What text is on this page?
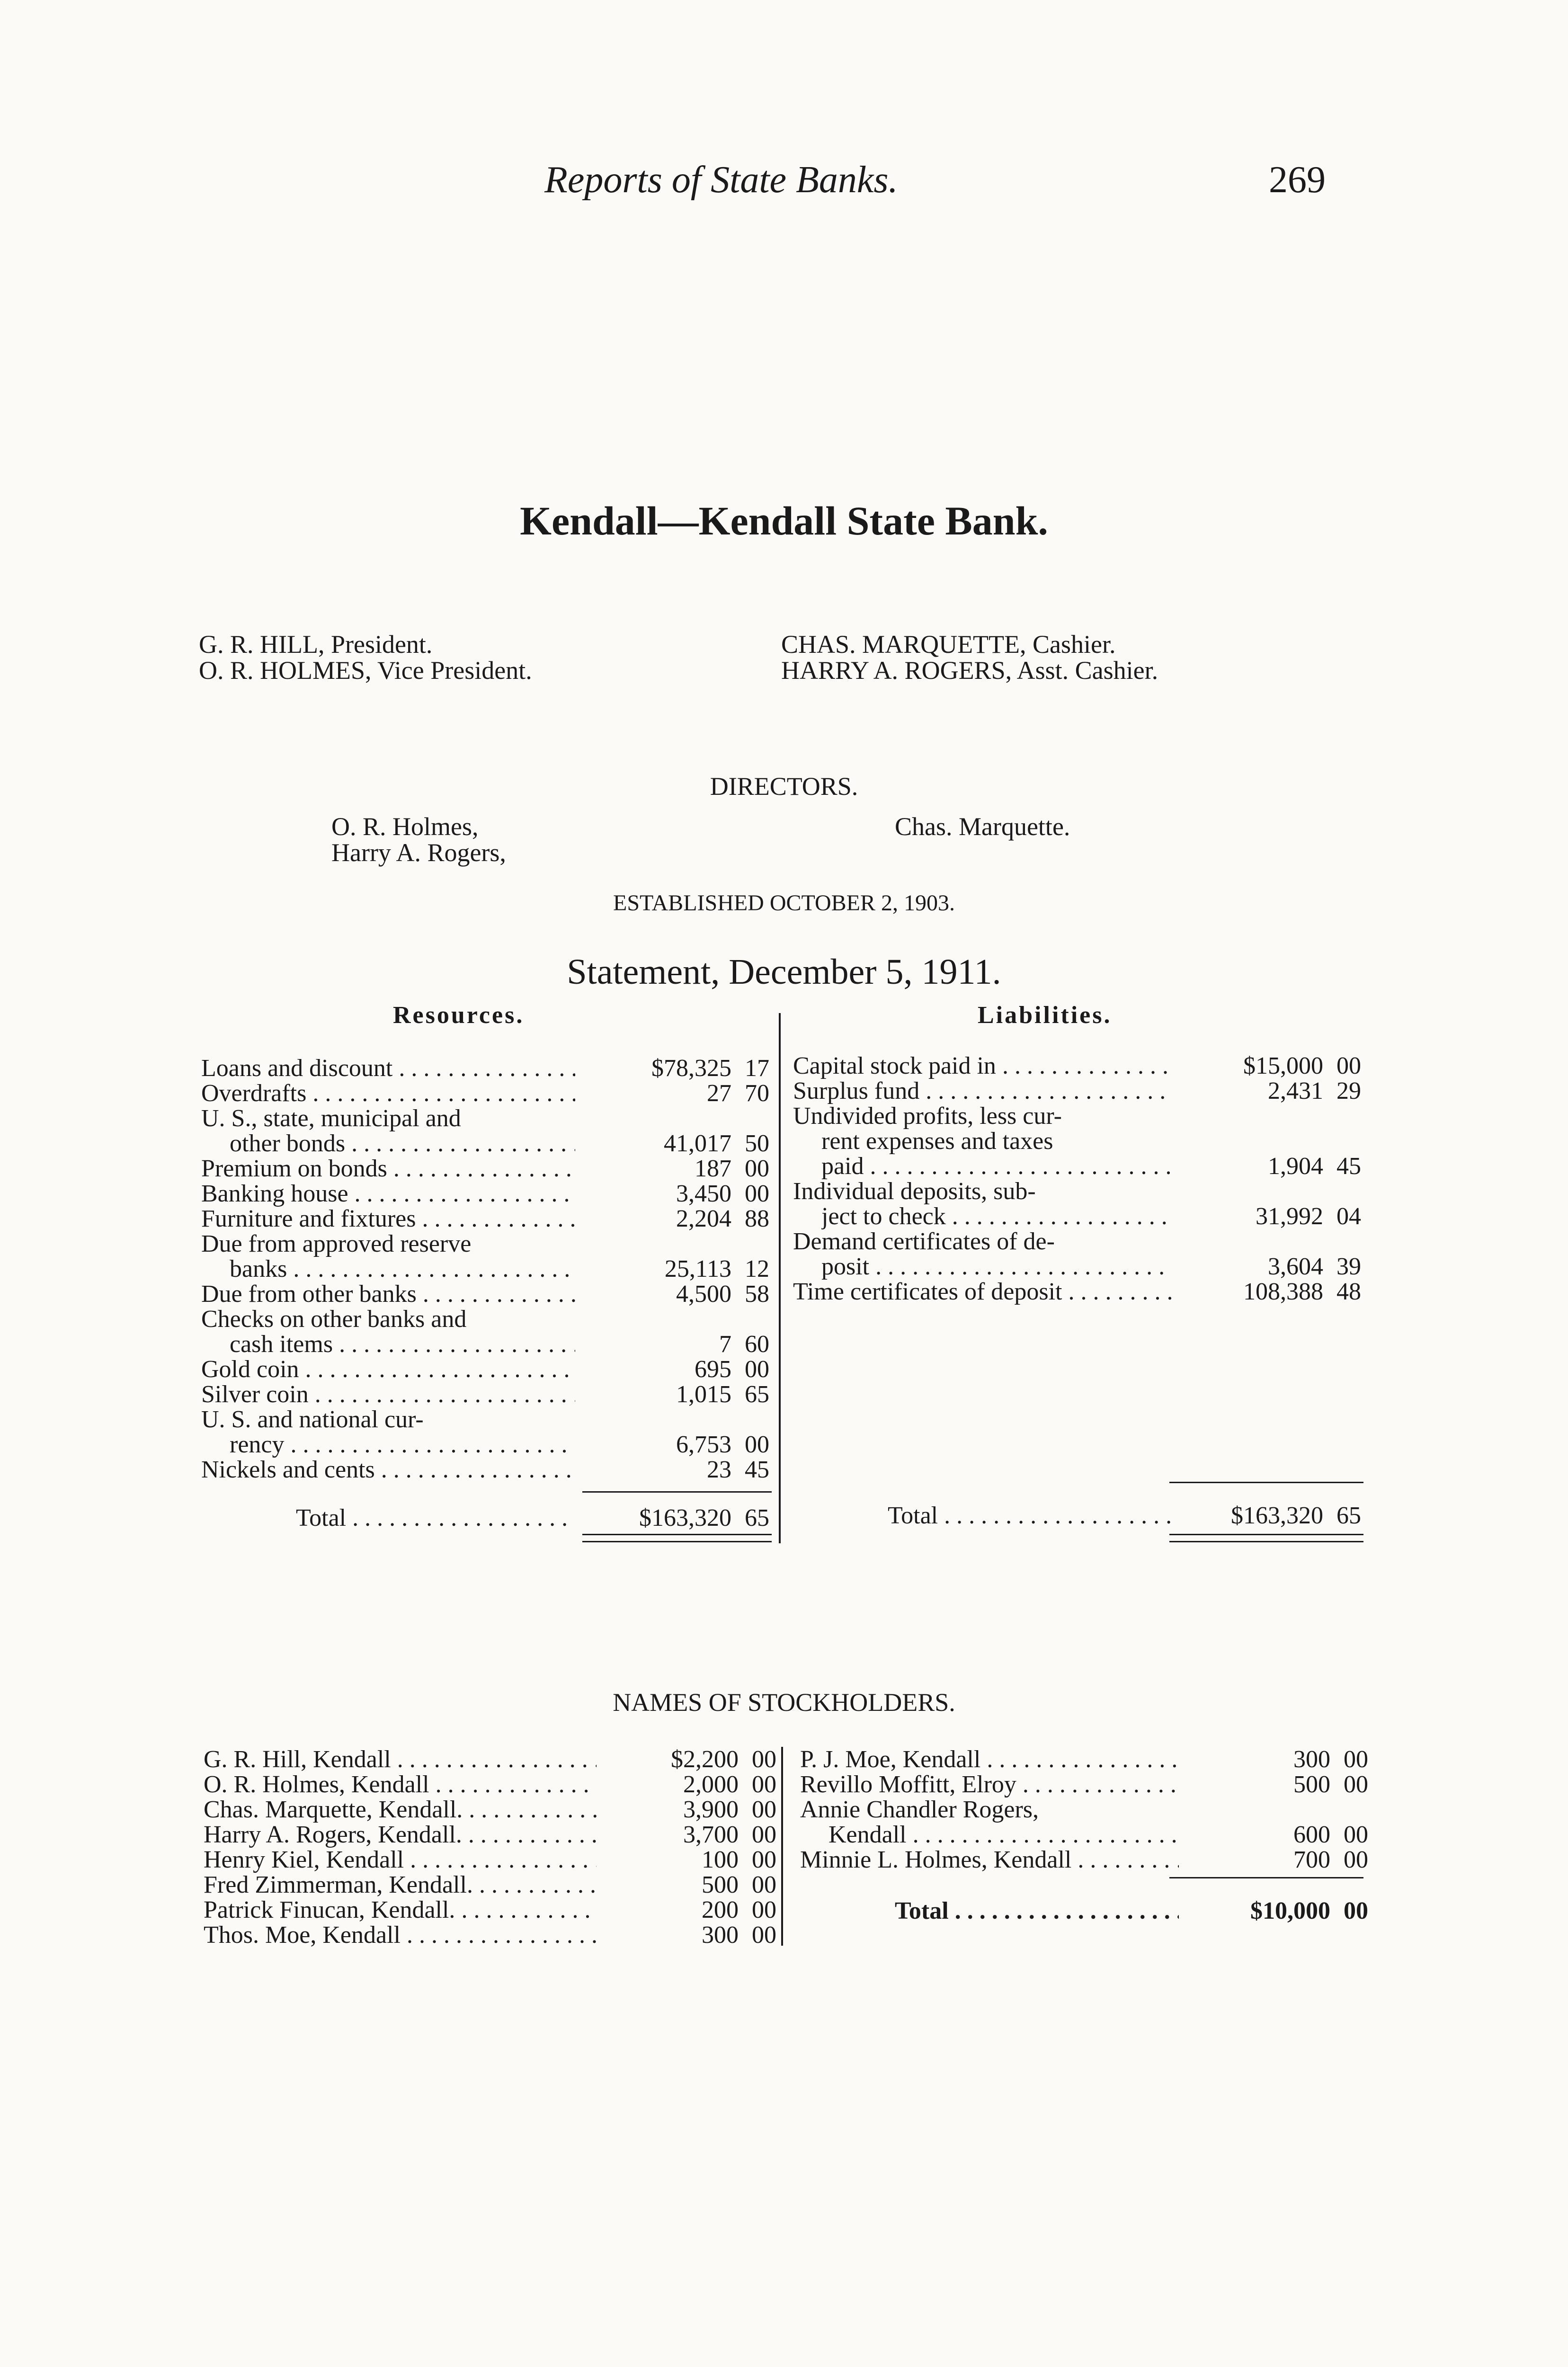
Reports of State Banks.	269
Kendall—Kendall State Bank.
G. R. HILL, President.
O. R. HOLMES, Vice President.
CHAS. MARQUETTE, Cashier.
HARRY A. ROGERS, Asst. Cashier.
DIRECTORS.
O. R. Holmes,
Harry A. Rogers,
Chas. Marquette.
ESTABLISHED OCTOBER 2, 1903.
Statement, December 5, 1911.
Resources.	Liabilities.
Loans and discount . . .	$78,325 17
Overdrafts . . .	27 70
U. S., state, municipal and
other bonds . . .	41,017 50
Premium on bonds . . .	187 00
Banking house . . .	3,450 00
Furniture and fixtures . . .	2,204 88
Due from approved reserve
banks . . .	25,113 12
Due from other banks . . .	4,500 58
Checks on other banks and
cash items . . .	7 60
Gold coin . . .	695 00
Silver coin . . .	1,015 65
U. S. and national cur-
rency . . .	6,753 00
Nickels and cents . . .	23 45
Total . . .	$163,320 65
Capital stock paid in . . .	$15,000 00
Surplus fund . . .	2,431 29
Undivided profits, less cur-
rent expenses and taxes
paid . . .	1,904 45
Individual deposits, sub-
ject to check . . .	31,992 04
Demand certificates of de-
posit . . .	3,604 39
Time certificates of deposit . . .	108,388 48
Total . . .	$163,320 65
NAMES OF STOCKHOLDERS.
G. R. Hill, Kendall . . .	$2,200 00
O. R. Holmes, Kendall . . .	2,000 00
Chas. Marquette, Kendall. . . .	3,900 00
Harry A. Rogers, Kendall. . . .	3,700 00
Henry Kiel, Kendall . . .	100 00
Fred Zimmerman, Kendall. . . .	500 00
Patrick Finucan, Kendall. . . .	200 00
Thos. Moe, Kendall . . .	300 00
P. J. Moe, Kendall . . .	300 00
Revillo Moffitt, Elroy . . .	500 00
Annie Chandler Rogers,
Kendall . . .	600 00
Minnie L. Holmes, Kendall . . .	700 00
Total . . .	$10,000 00
